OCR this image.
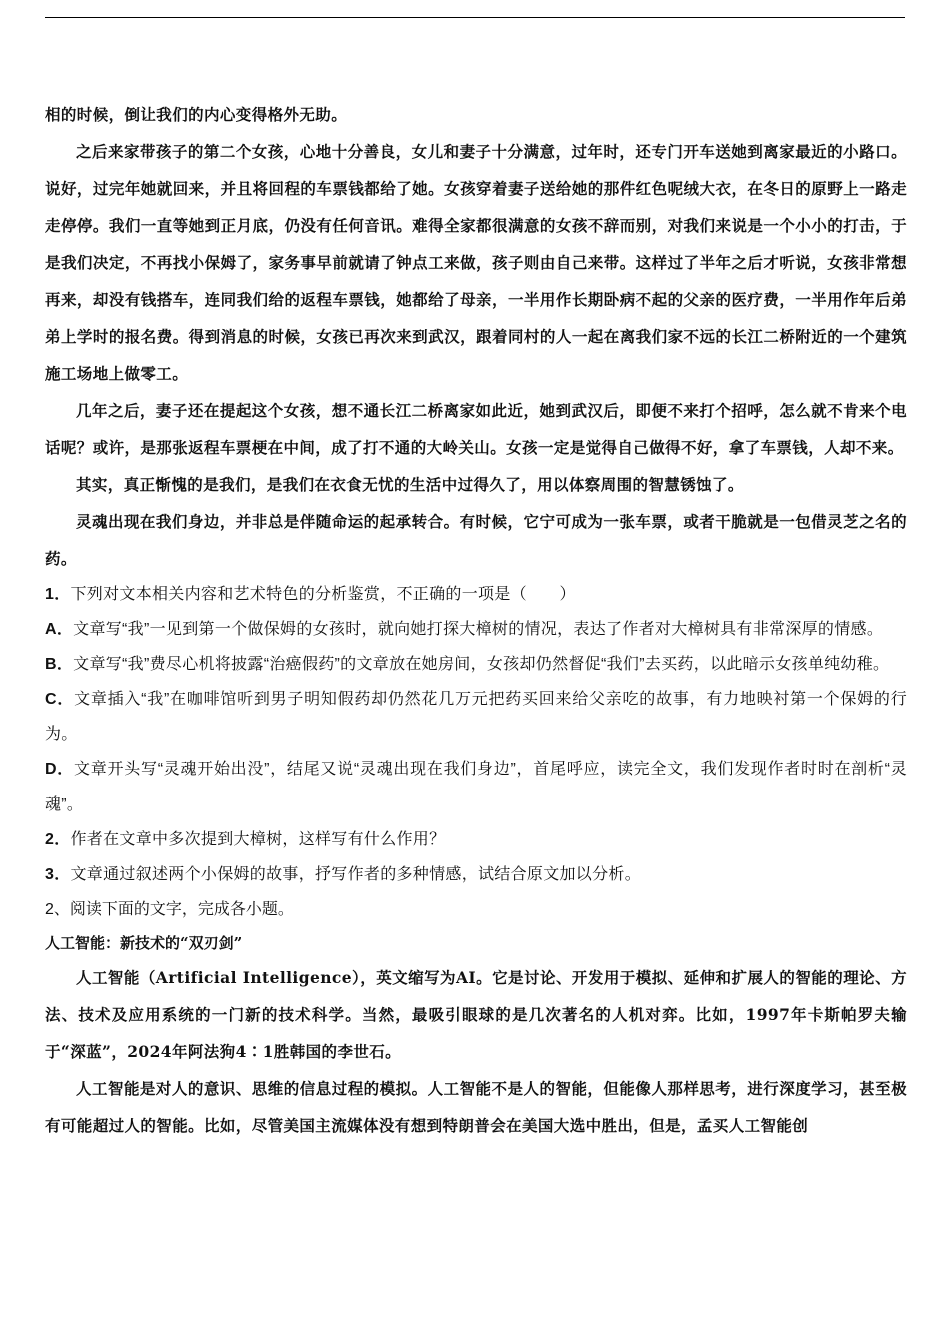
相的时候，倒让我们的内心变得格外无助。

之后来家带孩子的第二个女孩，心地十分善良，女儿和妻子十分满意，过年时，还专门开车送她到离家最近的小路口。说好，过完年她就回来，并且将回程的车票钱都给了她。女孩穿着妻子送给她的那件红色呢绒大衣，在冬日的原野上一路走走停停。我们一直等她到正月底，仍没有任何音讯。难得全家都很满意的女孩不辞而别，对我们来说是一个小小的打击，于是我们决定，不再找小保姆了，家务事早前就请了钟点工来做，孩子则由自己来带。这样过了半年之后才听说，女孩非常想再来，却没有钱搭车，连同我们给的返程车票钱，她都给了母亲，一半用作长期卧病不起的父亲的医疗费，一半用作年后弟弟上学时的报名费。得到消息的时候，女孩已再次来到武汉，跟着同村的人一起在离我们家不远的长江二桥附近的一个建筑施工场地上做零工。

几年之后，妻子还在提起这个女孩，想不通长江二桥离家如此近，她到武汉后，即便不来打个招呼，怎么就不肯来个电话呢？或许，是那张返程车票梗在中间，成了打不通的大岭关山。女孩一定是觉得自己做得不好，拿了车票钱，人却不来。

其实，真正惭愧的是我们，是我们在衣食无忧的生活中过得久了，用以体察周围的智慧锈蚀了。

灵魂出现在我们身边，并非总是伴随命运的起承转合。有时候，它宁可成为一张车票，或者干脆就是一包借灵芝之名的药。

1．下列对文本相关内容和艺术特色的分析鉴赏，不正确的一项是（　　）

A．文章写“我”一见到第一个做保姆的女孩时，就向她打探大樟树的情况，表达了作者对大樟树具有非常深厚的情感。

B．文章写“我”费尽心机将披露“治癌假药”的文章放在她房间，女孩却仍然督促“我们”去买药，以此暗示女孩单纯幼稚。

C．文章插入“我”在咖啡馆听到男子明知假药却仍然花几万元把药买回来给父亲吃的故事，有力地映衬第一个保姆的行为。

D．文章开头写“灵魂开始出没”，结尾又说“灵魂出现在我们身边”，首尾呼应，读完全文，我们发现作者时时在剖析“灵魂”。

2．作者在文章中多次提到大樟树，这样写有什么作用？

3．文章通过叙述两个小保姆的故事，抒写作者的多种情感，试结合原文加以分析。

2、阅读下面的文字，完成各小题。

人工智能：新技术的“双刃剑”

人工智能（Artificial Intelligence），英文缩写为AI。它是讨论、开发用于模拟、延伸和扩展人的智能的理论、方法、技术及应用系统的一门新的技术科学。当然，最吸引眼球的是几次著名的人机对弈。比如，1997年卡斯帕罗夫输于“深蓝”，2024年阿法狗4∶1胜韩国的李世石。

人工智能是对人的意识、思维的信息过程的模拟。人工智能不是人的智能，但能像人那样思考，进行深度学习，甚至极有可能超过人的智能。比如，尽管美国主流媒体没有想到特朗普会在美国大选中胜出，但是，孟买人工智能创
